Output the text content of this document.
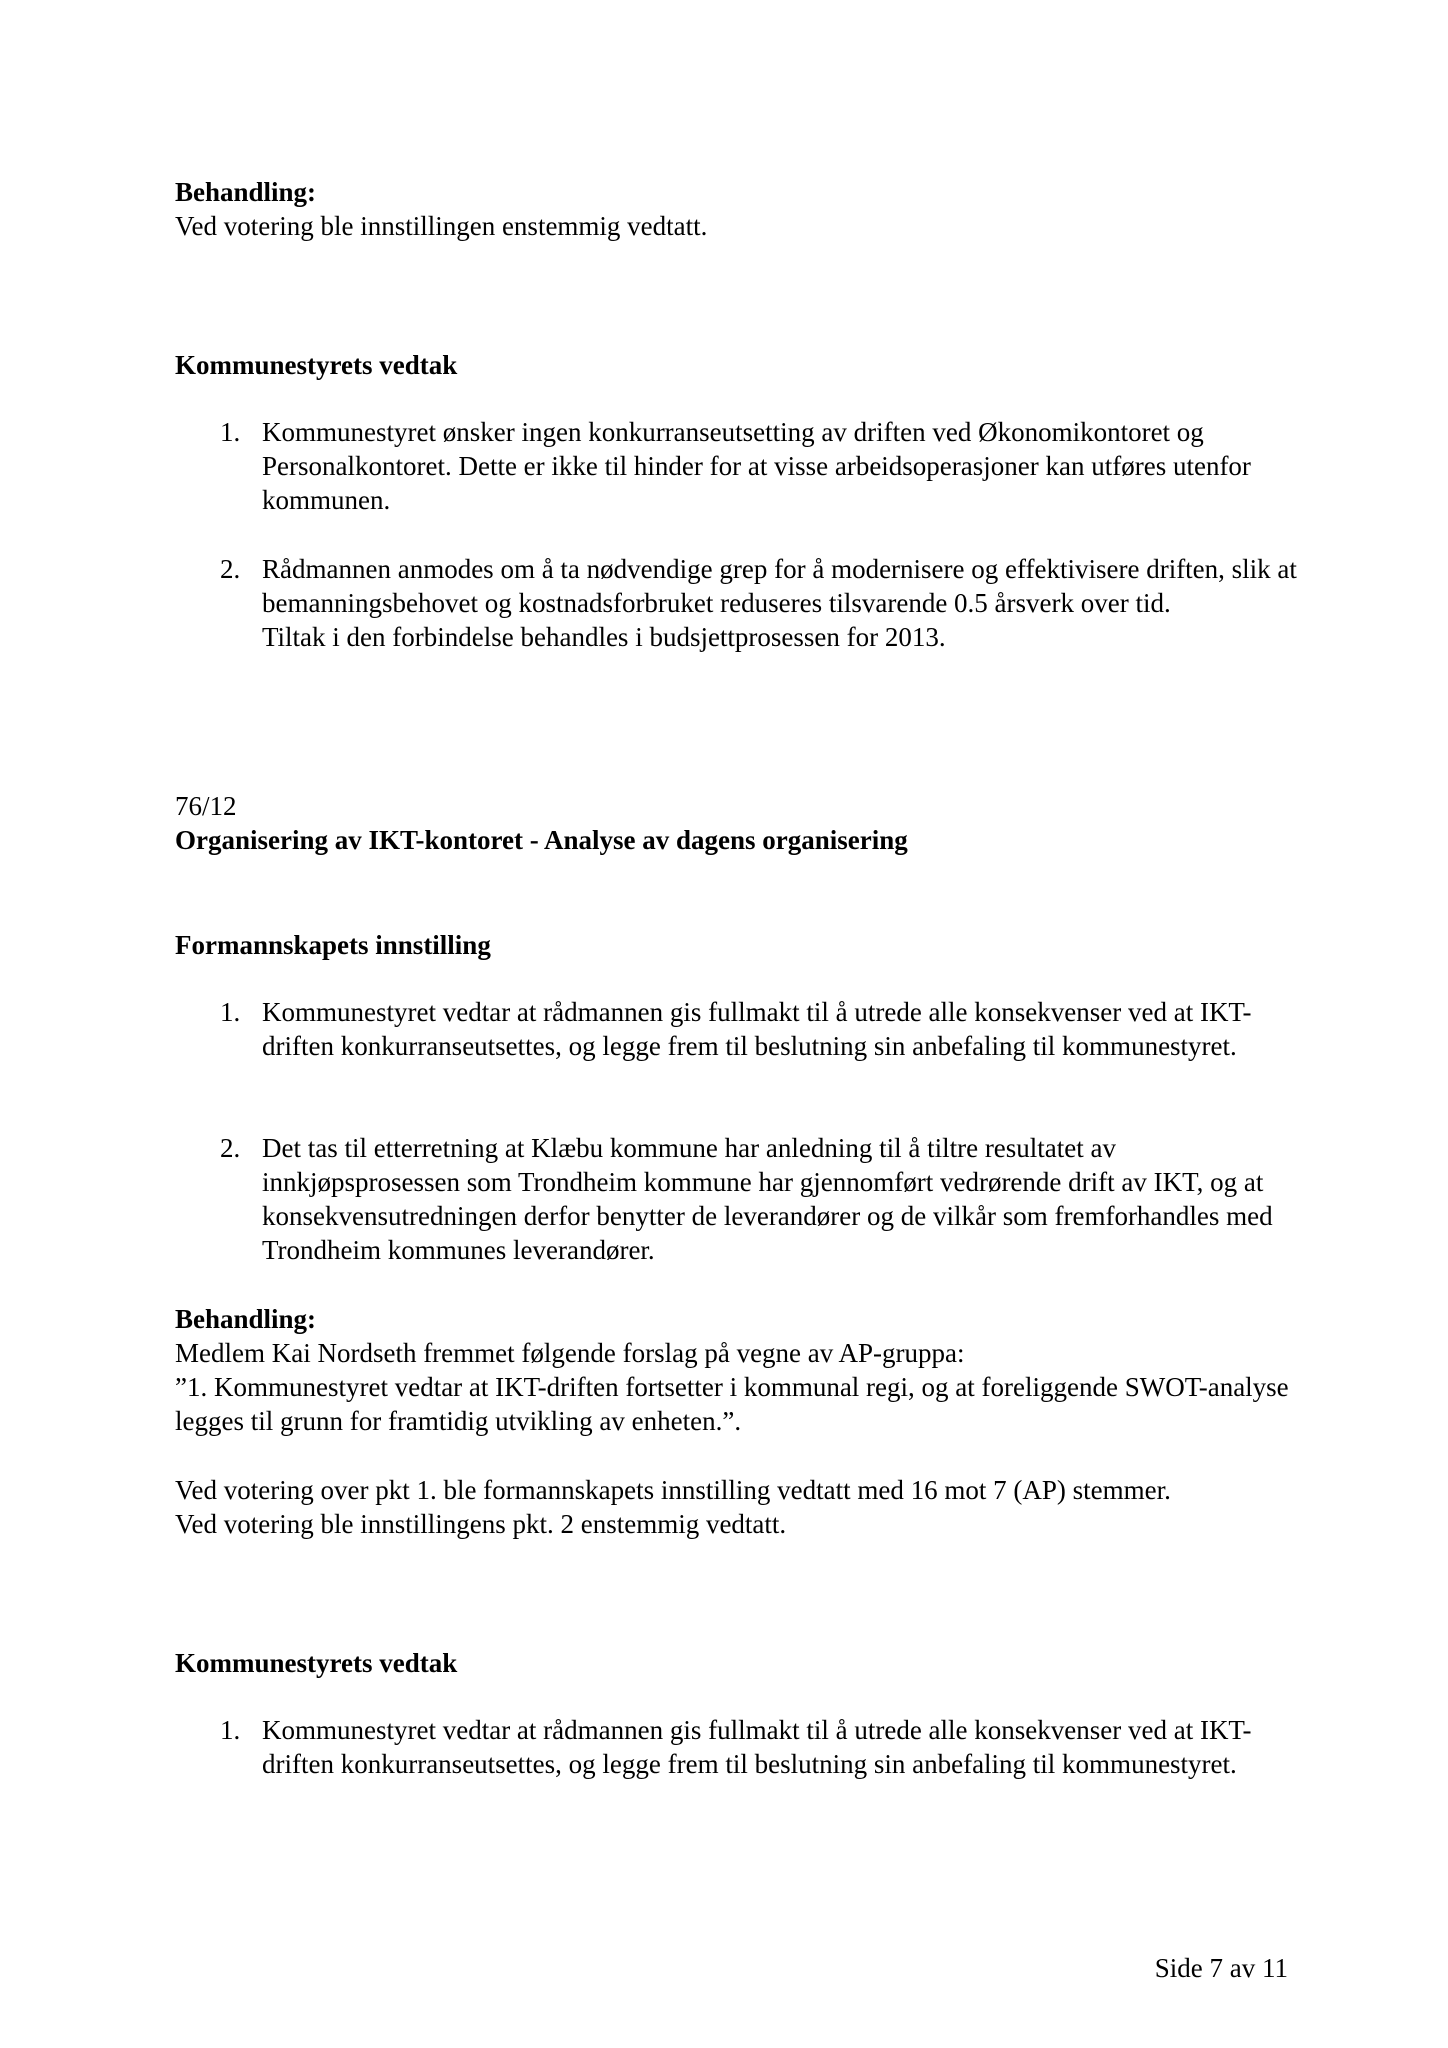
Behandling:
Ved votering ble innstillingen enstemmig vedtatt.
Kommunestyrets vedtak
1. Kommunestyret ønsker ingen konkurranseutsetting av driften ved Økonomikontoret og Personalkontoret. Dette er ikke til hinder for at visse arbeidsoperasjoner kan utføres utenfor kommunen.
2. Rådmannen anmodes om å ta nødvendige grep for å modernisere og effektivisere driften, slik at bemanningsbehovet og kostnadsforbruket reduseres tilsvarende 0.5 årsverk over tid.
Tiltak i den forbindelse behandles i budsjettprosessen for 2013.
76/12
Organisering av IKT-kontoret - Analyse av dagens organisering
Formannskapets innstilling
1. Kommunestyret vedtar at rådmannen gis fullmakt til å utrede alle konsekvenser ved at IKT-driften konkurranseutsettes, og legge frem til beslutning sin anbefaling til kommunestyret.
2. Det tas til etterretning at Klæbu kommune har anledning til å tiltre resultatet av innkjøpsprosessen som Trondheim kommune har gjennomført vedrørende drift av IKT, og at konsekvensutredningen derfor benytter de leverandører og de vilkår som fremforhandles med Trondheim kommunes leverandører.
Behandling:
Medlem Kai Nordseth fremmet følgende forslag på vegne av AP-gruppa:
”1. Kommunestyret vedtar at IKT-driften fortsetter i kommunal regi, og at foreliggende SWOT-analyse legges til grunn for framtidig utvikling av enheten.”.
Ved votering over pkt 1. ble formannskapets innstilling vedtatt med 16 mot 7 (AP) stemmer.
Ved votering ble innstillingens pkt. 2 enstemmig vedtatt.
Kommunestyrets vedtak
1. Kommunestyret vedtar at rådmannen gis fullmakt til å utrede alle konsekvenser ved at IKT-driften konkurranseutsettes, og legge frem til beslutning sin anbefaling til kommunestyret.
Side 7 av 11
